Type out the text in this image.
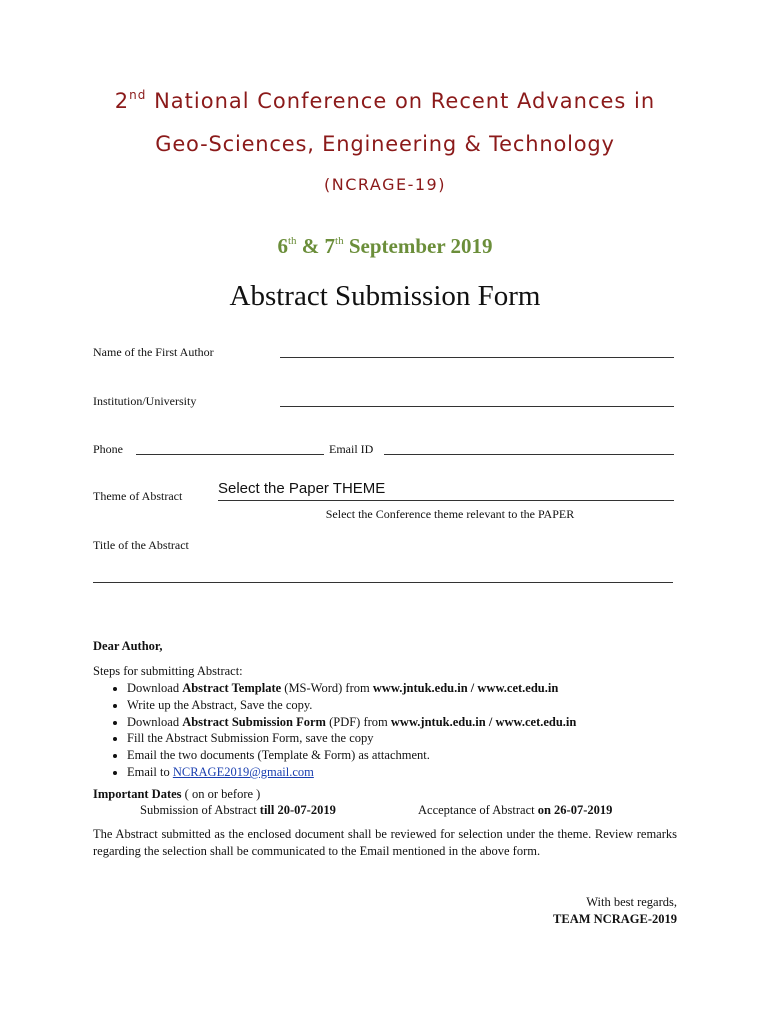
2nd National Conference on Recent Advances in
Geo-Sciences, Engineering & Technology
(NCRAGE-19)
6th & 7th September 2019
Abstract Submission Form
Name of the First Author
Institution/University
Phone	Email ID
Theme of Abstract Select the Paper THEME
Select the Conference theme relevant to the PAPER
Title of the Abstract
Dear Author,
Steps for submitting Abstract:
• Download Abstract Template (MS-Word) from www.jntuk.edu.in / www.cet.edu.in
• Write up the Abstract, Save the copy.
• Download Abstract Submission Form (PDF) from www.jntuk.edu.in / www.cet.edu.in
• Fill the Abstract Submission Form, save the copy
• Email the two documents (Template & Form) as attachment.
• Email to NCRAGE2019@gmail.com
Important Dates ( on or before )
Submission of Abstract till 20-07-2019	Acceptance of Abstract on 26-07-2019
The Abstract submitted as the enclosed document shall be reviewed for selection under the theme. Review remarks regarding the selection shall be communicated to the Email mentioned in the above form.
With best regards,
TEAM NCRAGE-2019
